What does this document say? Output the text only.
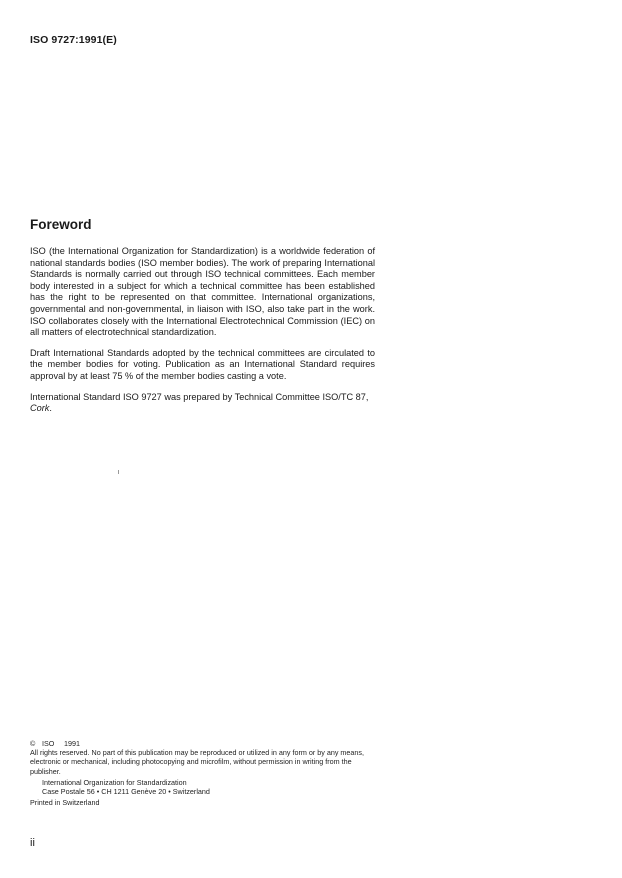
ISO 9727:1991(E)
Foreword

ISO (the International Organization for Standardization) is a worldwide federation of national standards bodies (ISO member bodies). The work of preparing International Standards is normally carried out through ISO technical committees. Each member body interested in a subject for which a technical committee has been established has the right to be represented on that committee. International organizations, governmental and non-governmental, in liaison with ISO, also take part in the work. ISO collaborates closely with the International Electrotechnical Commission (IEC) on all matters of electrotechnical standardization.

Draft International Standards adopted by the technical committees are circulated to the member bodies for voting. Publication as an International Standard requires approval by at least 75 % of the member bodies casting a vote.

International Standard ISO 9727 was prepared by Technical Committee ISO/TC 87, Cork.

© ISO 1991
All rights reserved. No part of this publication may be reproduced or utilized in any form or by any means, electronic or mechanical, including photocopying and microfilm, without permission in writing from the publisher.
International Organization for Standardization
Case Postale 56 • CH 1211 Genève 20 • Switzerland
Printed in Switzerland
ii
